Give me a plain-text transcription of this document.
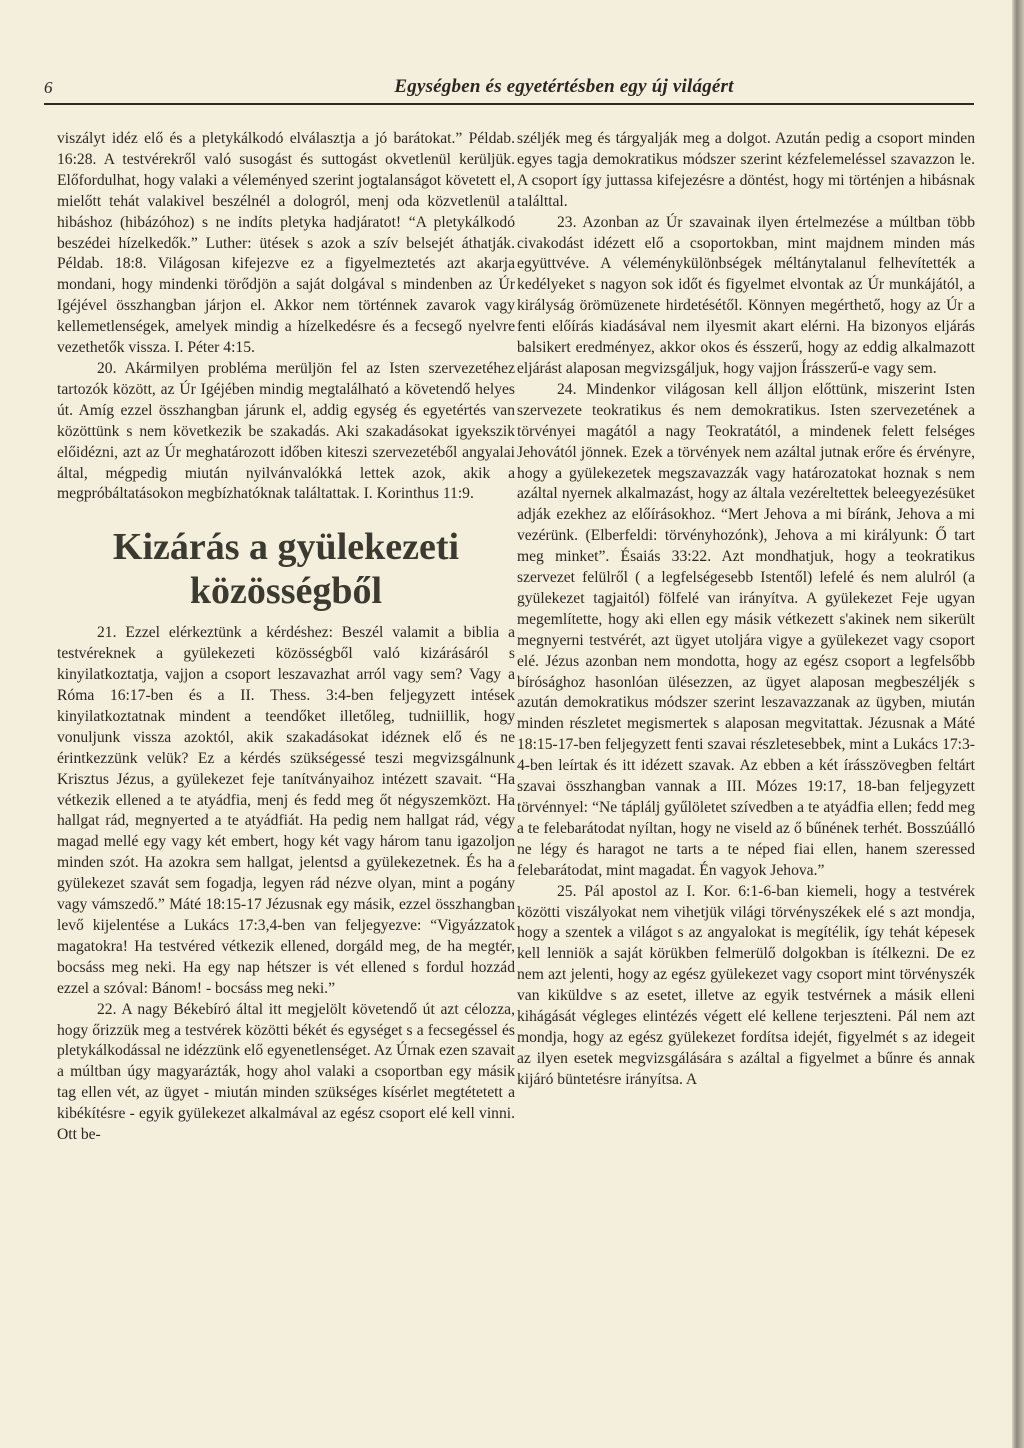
6	Egységben és egyetértésben egy új világért

viszályt idéz elő és a pletykálkodó elválasztja a jó barátokat.” Példab. 16:28. A testvérekről való susogást és suttogást okvetlenül kerüljük. Előfordulhat, hogy valaki a véleményed szerint jogtalanságot követett el, mielőtt tehát valakivel beszélnél a dologról, menj oda közvetlenül a hibáshoz (hibázóhoz) s ne indíts pletyka hadjáratot! “A pletykálkodó beszédei hízelkedők.” Luther: ütések s azok a szív belsejét áthatják. Példab. 18:8. Világosan kifejezve ez a figyelmeztetés azt akarja mondani, hogy mindenki törődjön a saját dolgával s mindenben az Úr Igéjével összhangban járjon el. Akkor nem történnek zavarok vagy kellemetlenségek, amelyek mindig a hízelkedésre és a fecsegő nyelvre vezethetők vissza. I. Péter 4:15.

20. Akármilyen probléma merüljön fel az Isten szervezetéhez tartozók között, az Úr Igéjében mindig megtalálható a követendő helyes út. Amíg ezzel összhangban járunk el, addig egység és egyetértés van közöttünk s nem következik be szakadás. Aki szakadásokat igyekszik előidézni, azt az Úr meghatározott időben kiteszi szervezetéből angyalai által, mégpedig miután nyilvánvalókká lettek azok, akik a megpróbáltatásokon megbízhatóknak találtattak. I. Korinthus 11:9.

Kizárás a gyülekezeti közösségből

21. Ezzel elérkeztünk a kérdéshez: Beszél valamit a biblia a testvéreknek a gyülekezeti közösségből való kizárásáról s kinyilatkoztatja, vajjon a csoport leszavazhat arról vagy sem? Vagy a Róma 16:17-ben és a II. Thess. 3:4-ben feljegyzett intések kinyilatkoztatnak mindent a teendőket illetőleg, tudniillik, hogy vonuljunk vissza azoktól, akik szakadásokat idéznek elő és ne érintkezzünk velük? Ez a kérdés szükségessé teszi megvizsgálnunk Krisztus Jézus, a gyülekezet feje tanítványaihoz intézett szavait. “Ha vétkezik ellened a te atyádfia, menj és fedd meg őt négyszemközt. Ha hallgat rád, megnyerted a te atyádfiát. Ha pedig nem hallgat rád, végy magad mellé egy vagy két embert, hogy két vagy három tanu igazoljon minden szót. Ha azokra sem hallgat, jelentsd a gyülekezetnek. És ha a gyülekezet szavát sem fogadja, legyen rád nézve olyan, mint a pogány vagy vámszedő.” Máté 18:15-17 Jézusnak egy másik, ezzel összhangban levő kijelentése a Lukács 17:3,4-ben van feljegyezve: “Vigyázzatok magatokra! Ha testvéred vétkezik ellened, dorgáld meg, de ha megtér, bocsáss meg neki. Ha egy nap hétszer is vét ellened s fordul hozzád ezzel a szóval: Bánom! - bocsáss meg neki.”

22. A nagy Békebíró által itt megjelölt követendő út azt célozza, hogy őrizzük meg a testvérek közötti békét és egységet s a fecsegéssel és pletykálkodással ne idézzünk elő egyenetlenséget. Az Úrnak ezen szavait a múltban úgy magyarázták, hogy ahol valaki a csoportban egy másik tag ellen vét, az ügyet - miután minden szükséges kísérlet megtétetett a kibékítésre - egyik gyülekezet alkalmával az egész csoport elé kell vinni. Ott be-

széljék meg és tárgyalják meg a dolgot. Azután pedig a csoport minden egyes tagja demokratikus módszer szerint kézfelemeléssel szavazzon le. A csoport így juttassa kifejezésre a döntést, hogy mi történjen a hibásnak találttal.

23. Azonban az Úr szavainak ilyen értelmezése a múltban több civakodást idézett elő a csoportokban, mint majdnem minden más együttvéve. A véleménykülönbségek méltánytalanul felhevítették a kedélyeket s nagyon sok időt és figyelmet elvontak az Úr munkájától, a királyság örömüzenete hirdetésétől. Könnyen megérthető, hogy az Úr a fenti előírás kiadásával nem ilyesmit akart elérni. Ha bizonyos eljárás balsikert eredményez, akkor okos és ésszerű, hogy az eddig alkalmazott eljárást alaposan megvizsgáljuk, hogy vajjon Írásszerű-e vagy sem.

24. Mindenkor világosan kell álljon előttünk, miszerint Isten szervezete teokratikus és nem demokratikus. Isten szervezetének a törvényei magától a nagy Teokratától, a mindenek felett felséges Jehovától jönnek. Ezek a törvények nem azáltal jutnak erőre és érvényre, hogy a gyülekezetek megszavazzák vagy határozatokat hoznak s nem azáltal nyernek alkalmazást, hogy az általa vezéreltettek beleegyezésüket adják ezekhez az előírásokhoz. “Mert Jehova a mi bíránk, Jehova a mi vezérünk. (Elberfeldi: törvényhozónk), Jehova a mi királyunk: Ő tart meg minket”. Ésaiás 33:22. Azt mondhatjuk, hogy a teokratikus szervezet felülről ( a legfelségesebb Istentől) lefelé és nem alulról (a gyülekezet tagjaitól) fölfelé van irányítva. A gyülekezet Feje ugyan megemlítette, hogy aki ellen egy másik vétkezett s'akinek nem sikerült megnyerni testvérét, azt ügyet utoljára vigye a gyülekezet vagy csoport elé. Jézus azonban nem mondotta, hogy az egész csoport a legfelsőbb bírósághoz hasonlóan ülésezzen, az ügyet alaposan megbeszéljék s azután demokratikus módszer szerint leszavazzanak az ügyben, miután minden részletet megismertek s alaposan megvitattak. Jézusnak a Máté 18:15-17-ben feljegyzett fenti szavai részletesebbek, mint a Lukács 17:3-4-ben leírtak és itt idézett szavak. Az ebben a két írásszövegben feltárt szavai összhangban vannak a III. Mózes 19:17, 18-ban feljegyzett törvénnyel: “Ne táplálj gyűlöletet szívedben a te atyádfia ellen; fedd meg a te felebarátodat nyíltan, hogy ne viseld az ő bűnének terhét. Bosszúálló ne légy és haragot ne tarts a te néped fiai ellen, hanem szeressed felebarátodat, mint magadat. Én vagyok Jehova.”

25. Pál apostol az I. Kor. 6:1-6-ban kiemeli, hogy a testvérek közötti viszályokat nem vihetjük világi törvényszékek elé s azt mondja, hogy a szentek a világot s az angyalokat is megítélik, így tehát képesek kell lenniök a saját körükben felmerülő dolgokban is ítélkezni. De ez nem azt jelenti, hogy az egész gyülekezet vagy csoport mint törvényszék van kiküldve s az esetet, illetve az egyik testvérnek a másik elleni kihágását végleges elintézés végett elé kellene terjeszteni. Pál nem azt mondja, hogy az egész gyülekezet fordítsa idejét, figyelmét s az idegeit az ilyen esetek megvizsgálására s azáltal a figyelmet a bűnre és annak kijáró büntetésre irányítsa. A
